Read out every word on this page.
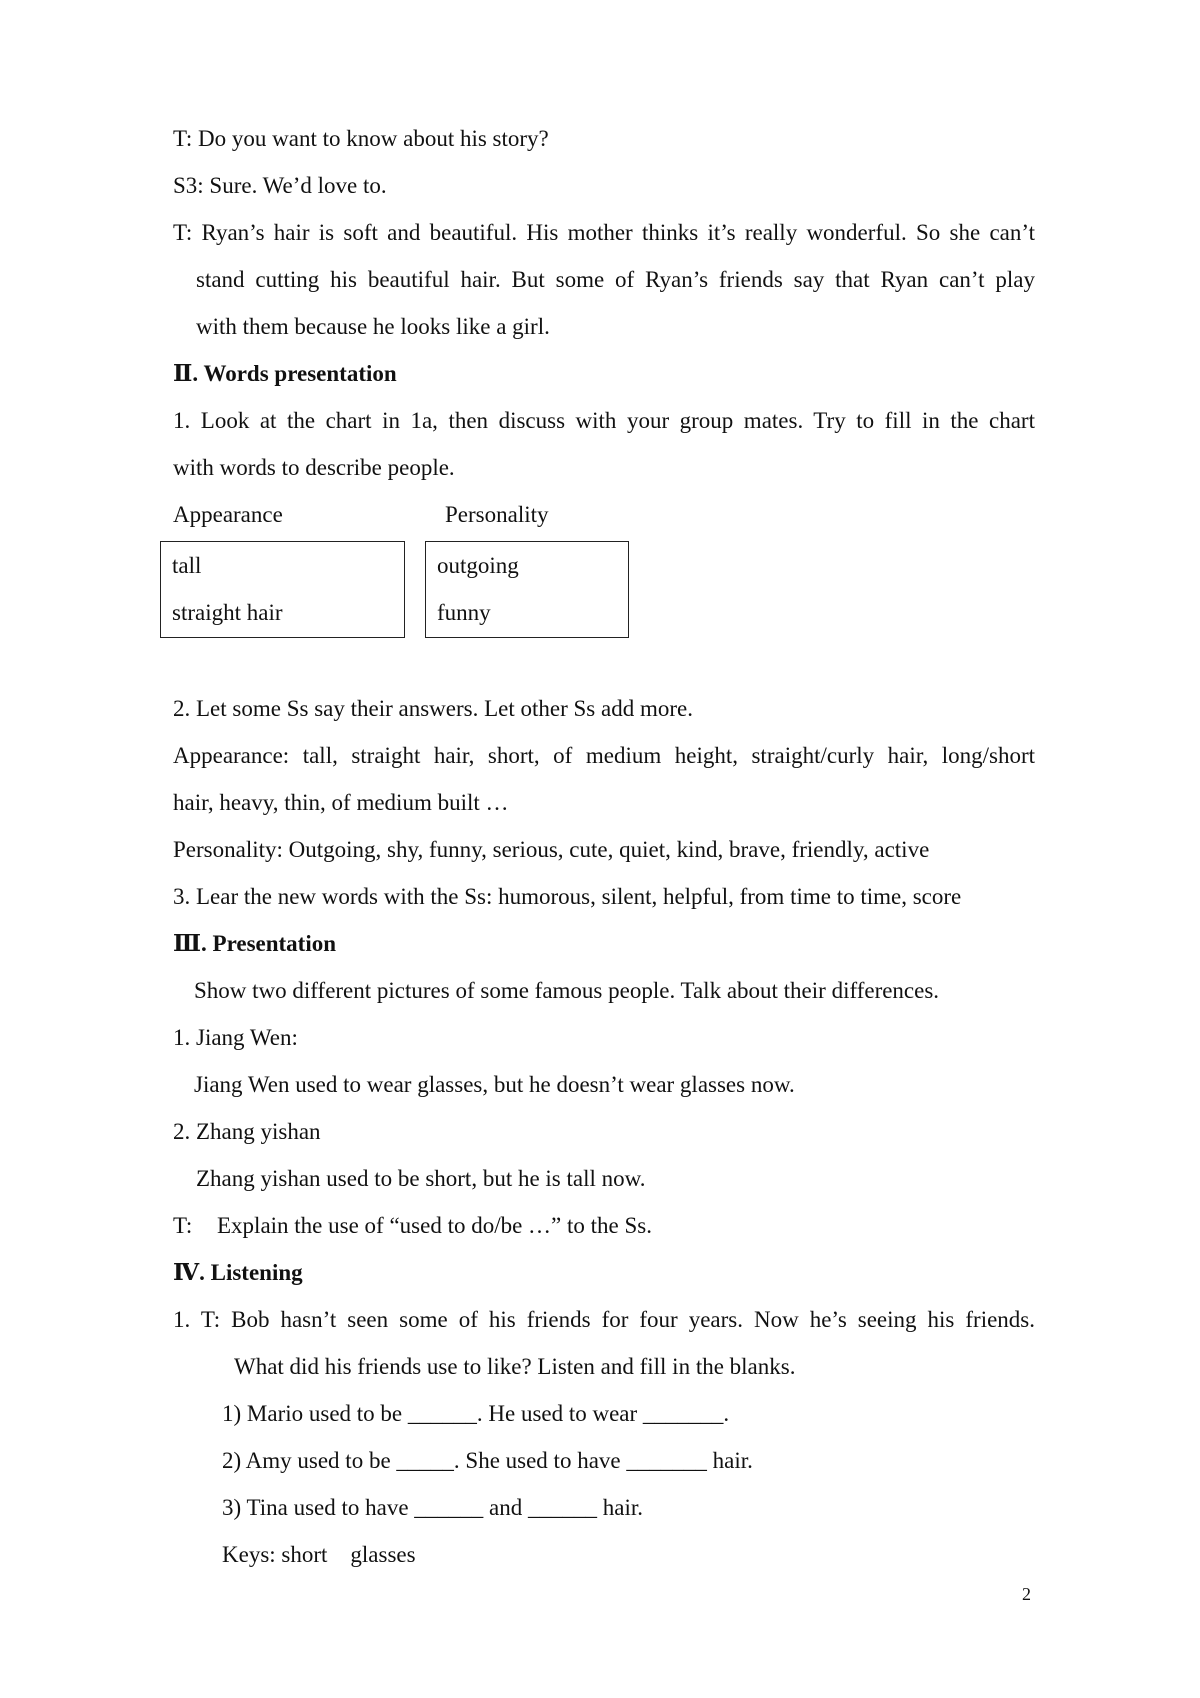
T: Do you want to know about his story?
S3: Sure. We’d love to.
T: Ryan’s hair is soft and beautiful. His mother thinks it’s really wonderful. So she can’t
stand cutting his beautiful hair. But some of Ryan’s friends say that Ryan can’t play
with them because he looks like a girl.
Ⅱ. Words presentation
1. Look at the chart in 1a, then discuss with your group mates. Try to fill in the chart
with words to describe people.
Appearance	Personality
tall
straight hair
outgoing
funny
2. Let some Ss say their answers. Let other Ss add more.
Appearance: tall, straight hair, short, of medium height, straight/curly hair, long/short
hair, heavy, thin, of medium built …
Personality: Outgoing, shy, funny, serious, cute, quiet, kind, brave, friendly, active
3. Lear the new words with the Ss: humorous, silent, helpful, from time to time, score
Ⅲ. Presentation
Show two different pictures of some famous people. Talk about their differences.
1. Jiang Wen:
Jiang Wen used to wear glasses, but he doesn’t wear glasses now.
2. Zhang yishan
Zhang yishan used to be short, but he is tall now.
T: Explain the use of “used to do/be …” to the Ss.
Ⅳ. Listening
1. T: Bob hasn’t seen some of his friends for four years. Now he’s seeing his friends.
What did his friends use to like? Listen and fill in the blanks.
1) Mario used to be ______. He used to wear _______.
2) Amy used to be _____. She used to have _______ hair.
3) Tina used to have ______ and ______ hair.
Keys: short    glasses
2
